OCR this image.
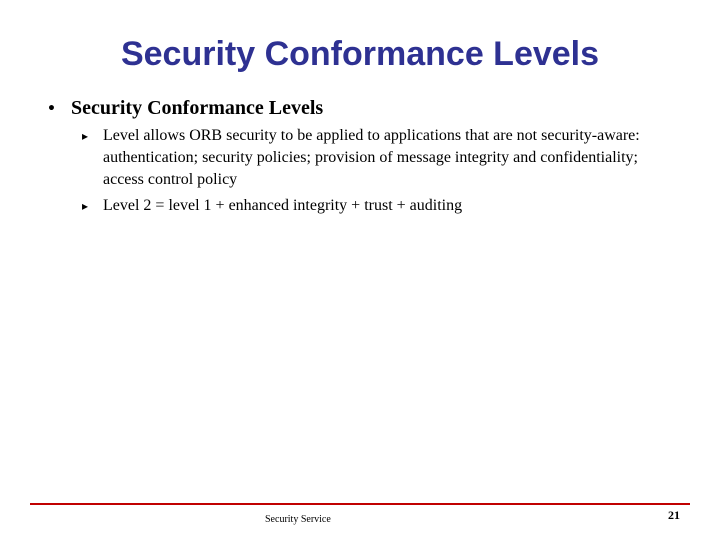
Security Conformance Levels
• Security Conformance Levels
▸ Level allows ORB security to be applied to applications that are not security-aware: authentication; security policies; provision of message integrity and confidentiality; access control policy
▸ Level 2 = level 1 + enhanced integrity + trust + auditing
Security Service	21
